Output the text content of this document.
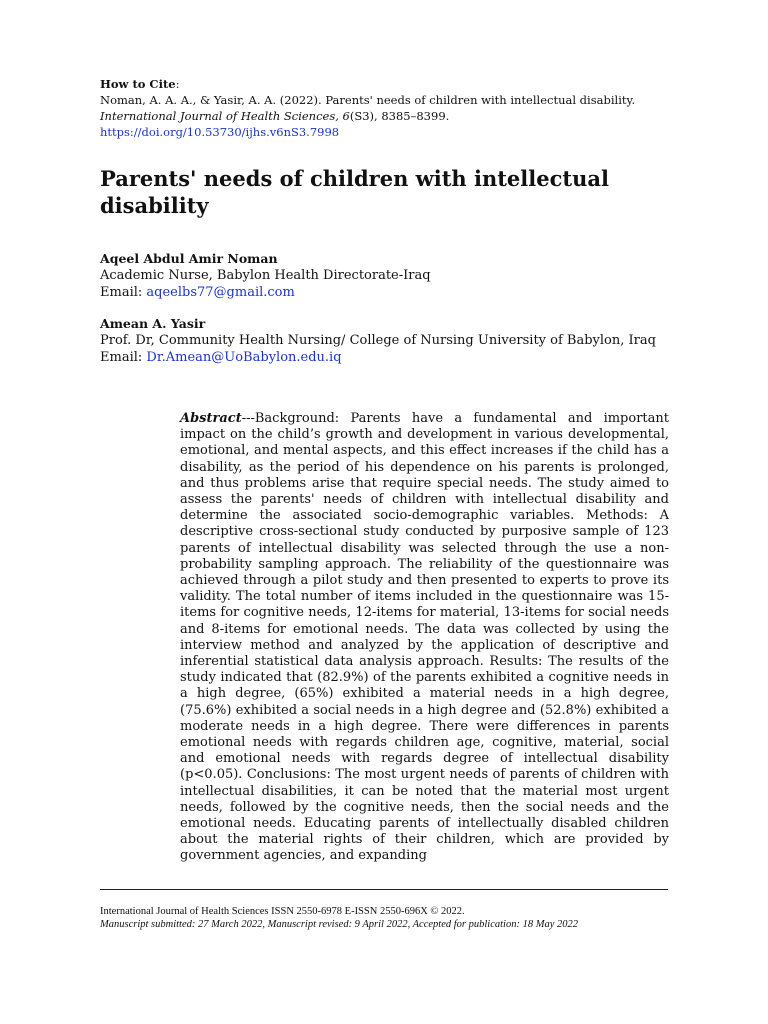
How to Cite:
Noman, A. A. A., & Yasir, A. A. (2022). Parents' needs of children with intellectual disability. International Journal of Health Sciences, 6(S3), 8385–8399.
https://doi.org/10.53730/ijhs.v6nS3.7998
Parents' needs of children with intellectual disability
Aqeel Abdul Amir Noman
Academic Nurse, Babylon Health Directorate-Iraq
Email: aqeelbs77@gmail.com
Amean A. Yasir
Prof. Dr, Community Health Nursing/ College of Nursing University of Babylon, Iraq
Email: Dr.Amean@UoBabylon.edu.iq
Abstract---Background: Parents have a fundamental and important impact on the child’s growth and development in various developmental, emotional, and mental aspects, and this effect increases if the child has a disability, as the period of his dependence on his parents is prolonged, and thus problems arise that require special needs. The study aimed to assess the parents' needs of children with intellectual disability and determine the associated socio-demographic variables. Methods: A descriptive cross-sectional study conducted by purposive sample of 123 parents of intellectual disability was selected through the use a non-probability sampling approach. The reliability of the questionnaire was achieved through a pilot study and then presented to experts to prove its validity. The total number of items included in the questionnaire was 15-items for cognitive needs, 12-items for material, 13-items for social needs and 8-items for emotional needs. The data was collected by using the interview method and analyzed by the application of descriptive and inferential statistical data analysis approach. Results: The results of the study indicated that (82.9%) of the parents exhibited a cognitive needs in a high degree, (65%) exhibited a material needs in a high degree, (75.6%) exhibited a social needs in a high degree and (52.8%) exhibited a moderate needs in a high degree. There were differences in parents emotional needs with regards children age, cognitive, material, social and emotional needs with regards degree of intellectual disability (p<0.05). Conclusions: The most urgent needs of parents of children with intellectual disabilities, it can be noted that the material most urgent needs, followed by the cognitive needs, then the social needs and the emotional needs. Educating parents of intellectually disabled children about the material rights of their children, which are provided by government agencies, and expanding
International Journal of Health Sciences ISSN 2550-6978 E-ISSN 2550-696X © 2022.
Manuscript submitted: 27 March 2022, Manuscript revised: 9 April 2022, Accepted for publication: 18 May 2022
